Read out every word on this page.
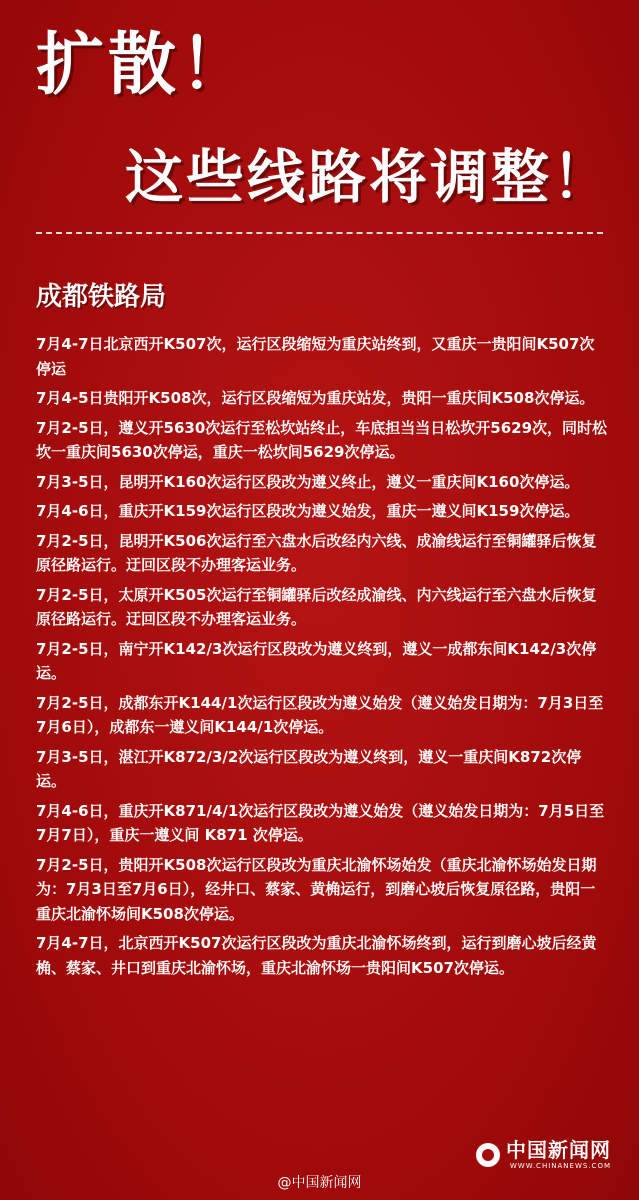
扩散！
这些线路将调整！
成都铁路局
7月4-7日北京西开K507次，运行区段缩短为重庆站终到，又重庆一贵阳间K507次停运
7月4-5日贵阳开K508次，运行区段缩短为重庆站发，贵阳一重庆间K508次停运。
7月2-5日，遵义开5630次运行至松坎站终止，车底担当当日松坎开5629次，同时松坎一重庆间5630次停运，重庆一松坎间5629次停运。
7月3-5日，昆明开K160次运行区段改为遵义终止，遵义一重庆间K160次停运。
7月4-6日，重庆开K159次运行区段改为遵义始发，重庆一遵义间K159次停运。
7月2-5日，昆明开K506次运行至六盘水后改经内六线、成渝线运行至铜罐驿后恢复原径路运行。迂回区段不办理客运业务。
7月2-5日，太原开K505次运行至铜罐驿后改经成渝线、内六线运行至六盘水后恢复原径路运行。迂回区段不办理客运业务。
7月2-5日，南宁开K142/3次运行区段改为遵义终到，遵义一成都东间K142/3次停运。
7月2-5日，成都东开K144/1次运行区段改为遵义始发（遵义始发日期为：7月3日至7月6日），成都东一遵义间K144/1次停运。
7月3-5日，湛江开K872/3/2次运行区段改为遵义终到，遵义一重庆间K872次停运。
7月4-6日，重庆开K871/4/1次运行区段改为遵义始发（遵义始发日期为：7月5日至7月7日），重庆一遵义间 K871 次停运。
7月2-5日，贵阳开K508次运行区段改为重庆北渝怀场始发（重庆北渝怀场始发日期为：7月3日至7月6日），经井口、蔡家、黄桷运行，到磨心坡后恢复原径路，贵阳一重庆北渝怀场间K508次停运。
7月4-7日，北京西开K507次运行区段改为重庆北渝怀场终到，运行到磨心坡后经黄桷、蔡家、井口到重庆北渝怀场，重庆北渝怀场一贵阳间K507次停运。
中国新闻网
WWW.CHINANEWS.COM
@中国新闻网
